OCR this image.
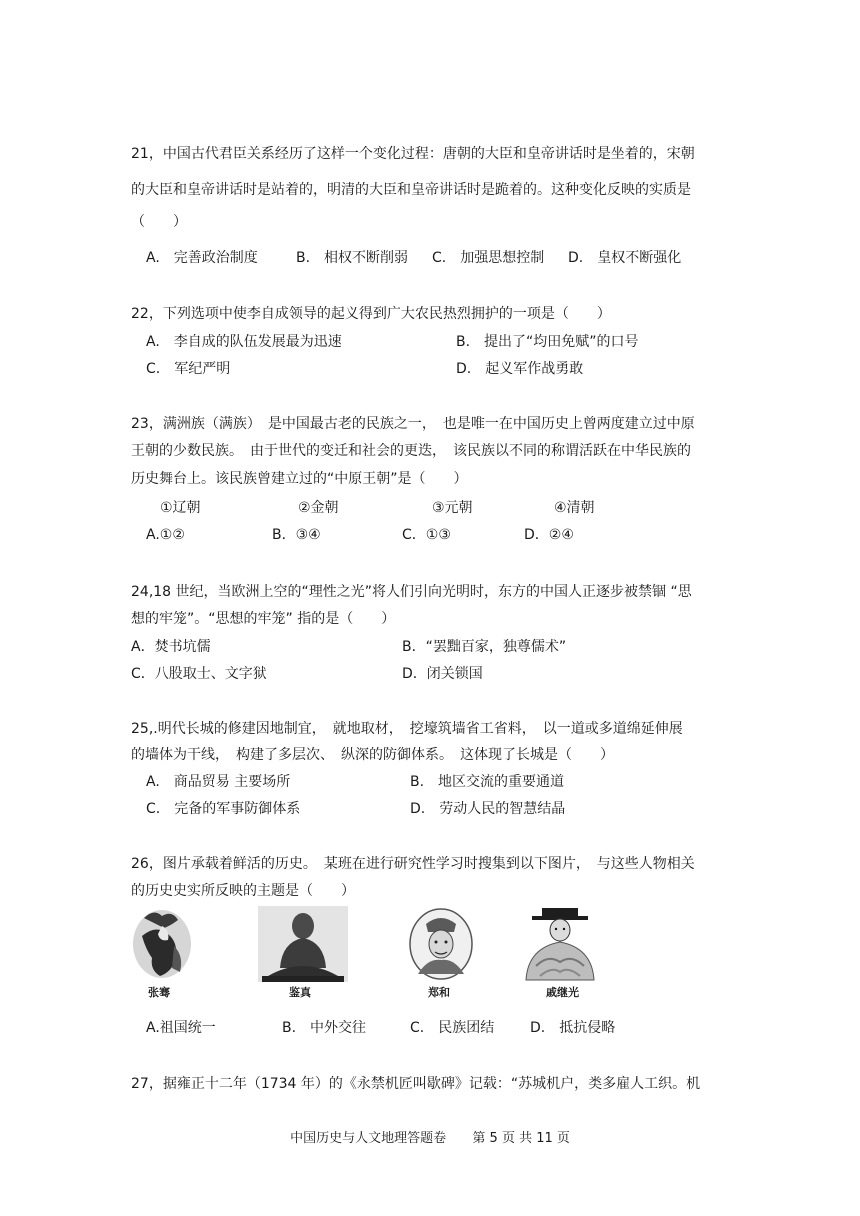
21，中国古代君臣关系经历了这样一个变化过程：唐朝的大臣和皇帝讲话时是坐着的，宋朝
的大臣和皇帝讲话时是站着的，明清的大臣和皇帝讲话时是跪着的。这种变化反映的实质是
（　　）
A.　完善政治制度	B.　相权不断削弱 C.　加强思想控制 D.　皇权不断强化
22，下列选项中使李自成领导的起义得到广大农民热烈拥护的一项是（　　）
A.　李自成的队伍发展最为迅速	B.　提出了“均田免赋”的口号
C.　军纪严明	D.　起义军作战勇敢
23，满洲族（满族）　是中国最古老的民族之一，　也是唯一在中国历史上曾两度建立过中原
王朝的少数民族。　由于世代的变迁和社会的更迭，　该民族以不同的称谓活跃在中华民族的
历史舞台上。该民族曾建立过的“中原王朝”是（　　）
①辽朝	②金朝	③元朝	④清朝
A.①②	B．③④	C．①③	D．②④
24,18 世纪，当欧洲上空的“理性之光”将人们引向光明时，东方的中国人正逐步被禁锢 “思
想的牢笼”。“思想的牢笼” 指的是（　　）
A．焚书坑儒	B．“罢黜百家，独尊儒术”
C．八股取士、文字狱	D．闭关锁国
25,.明代长城的修建因地制宜，　就地取材，　挖壕筑墙省工省料，　以一道或多道绵延伸展
的墙体为干线，　构建了多层次、　纵深的防御体系。　这体现了长城是（　　）
A.　商品贸易 主要场所	B.　地区交流的重要通道
C.　完备的军事防御体系	D.　劳动人民的智慧结晶
26，图片承载着鲜活的历史。　某班在进行研究性学习时搜集到以下图片，　与这些人物相关
的历史史实所反映的主题是（　　）
张骞	鉴真	郑和	戚继光
A.祖国统一	B.　中外交往	C.　民族团结	D.　抵抗侵略
27，据雍正十二年（1734 年）的《永禁机匠叫歇碑》记载：“苏城机户，类多雇人工织。机
中国历史与人文地理答题卷 第 5 页 共 11 页
